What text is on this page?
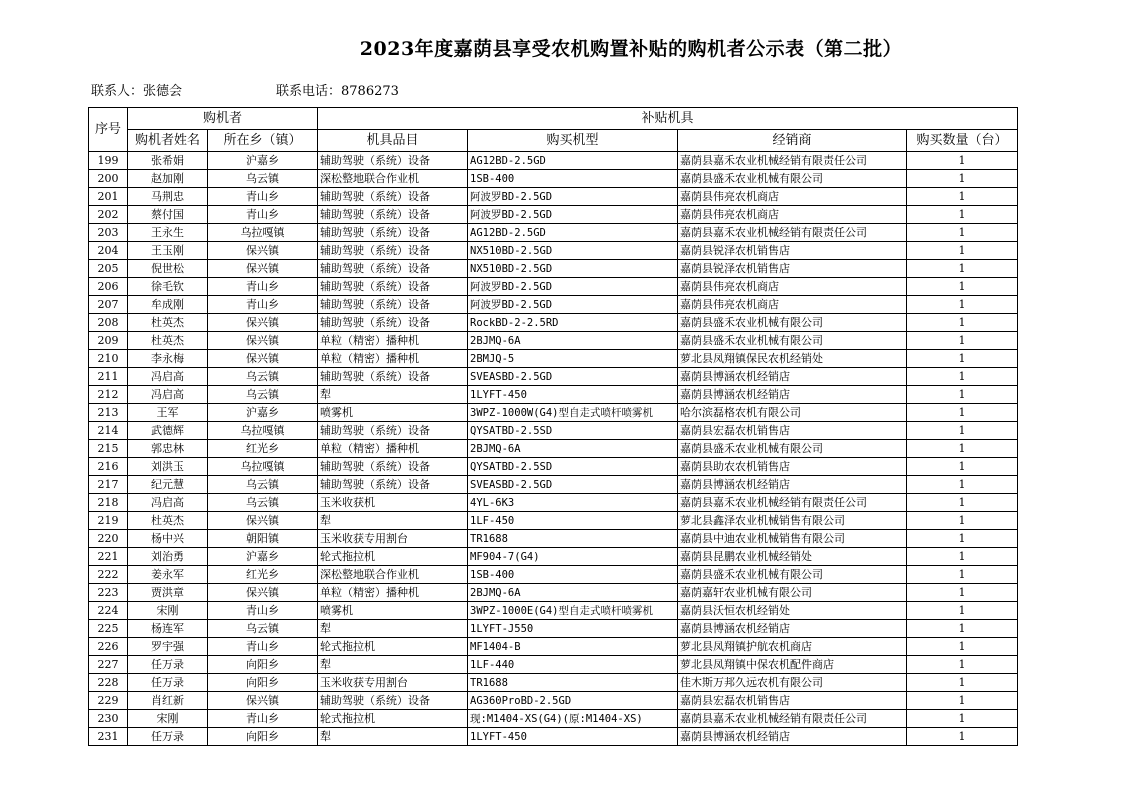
2023年度嘉荫县享受农机购置补贴的购机者公示表（第二批）
联系人：张德会	联系电话：8786273
序号	购机者		补贴机具			
	购机者姓名	所在乡（镇）	机具品目	购买机型	经销商	购买数量（台）
199	张希娟	沪嘉乡	辅助驾驶（系统）设备	AG12BD-2.5GD	嘉荫县嘉禾农业机械经销有限责任公司	1
200	赵加刚	乌云镇	深松整地联合作业机	1SB-400	嘉荫县盛禾农业机械有限公司	1
201	马荆忠	青山乡	辅助驾驶（系统）设备	阿波罗BD-2.5GD	嘉荫县伟亮农机商店	1
202	蔡付国	青山乡	辅助驾驶（系统）设备	阿波罗BD-2.5GD	嘉荫县伟亮农机商店	1
203	王永生	乌拉嘎镇	辅助驾驶（系统）设备	AG12BD-2.5GD	嘉荫县嘉禾农业机械经销有限责任公司	1
204	王玉刚	保兴镇	辅助驾驶（系统）设备	NX510BD-2.5GD	嘉荫县锐泽农机销售店	1
205	倪世松	保兴镇	辅助驾驶（系统）设备	NX510BD-2.5GD	嘉荫县锐泽农机销售店	1
206	徐毛钦	青山乡	辅助驾驶（系统）设备	阿波罗BD-2.5GD	嘉荫县伟亮农机商店	1
207	牟成刚	青山乡	辅助驾驶（系统）设备	阿波罗BD-2.5GD	嘉荫县伟亮农机商店	1
208	杜英杰	保兴镇	辅助驾驶（系统）设备	RockBD-2-2.5RD	嘉荫县盛禾农业机械有限公司	1
209	杜英杰	保兴镇	单粒（精密）播种机	2BJMQ-6A	嘉荫县盛禾农业机械有限公司	1
210	李永梅	保兴镇	单粒（精密）播种机	2BMJQ-5	萝北县凤翔镇保民农机经销处	1
211	冯启高	乌云镇	辅助驾驶（系统）设备	SVEASBD-2.5GD	嘉荫县博涵农机经销店	1
212	冯启高	乌云镇	犁	1LYFT-450	嘉荫县博涵农机经销店	1
213	王军	沪嘉乡	喷雾机	3WPZ-1000W(G4)型自走式喷杆喷雾机	哈尔滨磊格农机有限公司	1
214	武德辉	乌拉嘎镇	辅助驾驶（系统）设备	QYSATBD-2.5SD	嘉荫县宏磊农机销售店	1
215	郭忠林	红光乡	单粒（精密）播种机	2BJMQ-6A	嘉荫县盛禾农业机械有限公司	1
216	刘洪玉	乌拉嘎镇	辅助驾驶（系统）设备	QYSATBD-2.5SD	嘉荫县助农农机销售店	1
217	纪元慧	乌云镇	辅助驾驶（系统）设备	SVEASBD-2.5GD	嘉荫县博涵农机经销店	1
218	冯启高	乌云镇	玉米收获机	4YL-6K3	嘉荫县嘉禾农业机械经销有限责任公司	1
219	杜英杰	保兴镇	犁	1LF-450	萝北县鑫泽农业机械销售有限公司	1
220	杨中兴	朝阳镇	玉米收获专用割台	TR1688	嘉荫县中迪农业机械销售有限公司	1
221	刘治勇	沪嘉乡	轮式拖拉机	MF904-7(G4)	嘉荫县昆鹏农业机械经销处	1
222	姜永军	红光乡	深松整地联合作业机	1SB-400	嘉荫县盛禾农业机械有限公司	1
223	贾洪章	保兴镇	单粒（精密）播种机	2BJMQ-6A	嘉荫嘉轩农业机械有限公司	1
224	宋刚	青山乡	喷雾机	3WPZ-1000E(G4)型自走式喷杆喷雾机	嘉荫县沃恒农机经销处	1
225	杨连军	乌云镇	犁	1LYFT-J550	嘉荫县博涵农机经销店	1
226	罗宇强	青山乡	轮式拖拉机	MF1404-B	萝北县凤翔镇护航农机商店	1
227	任万录	向阳乡	犁	1LF-440	萝北县凤翔镇中保农机配件商店	1
228	任万录	向阳乡	玉米收获专用割台	TR1688	佳木斯万邦久远农机有限公司	1
229	肖红新	保兴镇	辅助驾驶（系统）设备	AG360ProBD-2.5GD	嘉荫县宏磊农机销售店	1
230	宋刚	青山乡	轮式拖拉机	现:M1404-XS(G4)(原:M1404-XS)	嘉荫县嘉禾农业机械经销有限责任公司	1
231	任万录	向阳乡	犁	1LYFT-450	嘉荫县博涵农机经销店	1
